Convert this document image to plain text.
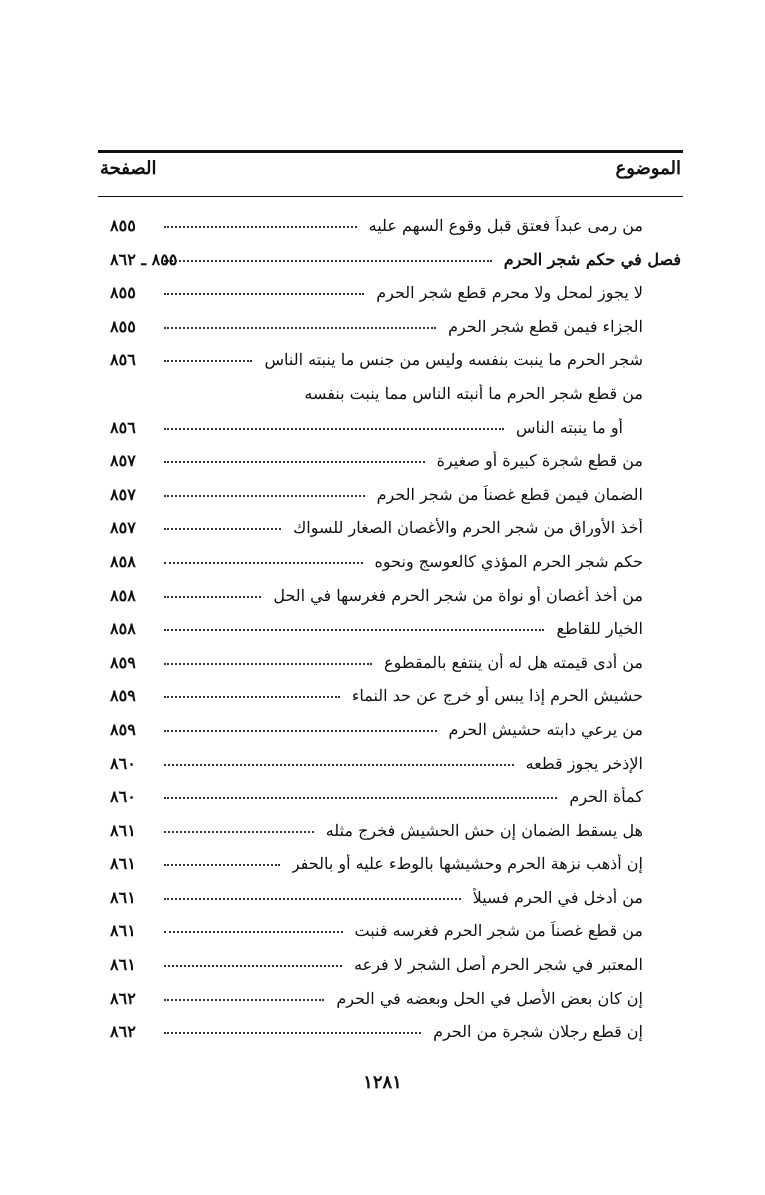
الموضوع
الصفحة
من رمى عبداً فعتق قبل وقوع السهم عليه
٨٥٥
فصل في حكم شجر الحرم
٨٥٥ ـ ٨٦٢
لا يجوز لمحل ولا محرم قطع شجر الحرم
٨٥٥
الجزاء فيمن قطع شجر الحرم
٨٥٥
شجر الحرم ما ينبت بنفسه وليس من جنس ما ينبته الناس
٨٥٦
من قطع شجر الحرم ما أنبته الناس مما ينبت بنفسه
أو ما ينبته الناس
٨٥٦
من قطع شجرة كبيرة أو صغيرة
٨٥٧
الضمان فيمن قطع غصناً من شجر الحرم
٨٥٧
أخذ الأوراق من شجر الحرم والأغصان الصغار للسواك
٨٥٧
حكم شجر الحرم المؤذي كالعوسج ونحوه
٨٥٨
من أخذ أغصان أو نواة من شجر الحرم فغرسها في الحل
٨٥٨
الخيار للقاطع
٨٥٨
من أدى قيمته هل له أن ينتفع بالمقطوع
٨٥٩
حشيش الحرم إذا يبس أو خرج عن حد النماء
٨٥٩
من يرعي دابته حشيش الحرم
٨٥٩
الإذخر يجوز قطعه
٨٦٠
كمأة الحرم
٨٦٠
هل يسقط الضمان إن حش الحشيش فخرج مثله
٨٦١
إن أذهب نزهة الحرم وحشيشها بالوطء عليه أو بالحفر
٨٦١
من أدخل في الحرم فسيلاً
٨٦١
من قطع غصناً من شجر الحرم فغرسه فنبت
٨٦١
المعتبر في شجر الحرم أصل الشجر لا فرعه
٨٦١
إن كان بعض الأصل في الحل وبعضه في الحرم
٨٦٢
إن قطع رجلان شجرة من الحرم
٨٦٢
١٢٨١
